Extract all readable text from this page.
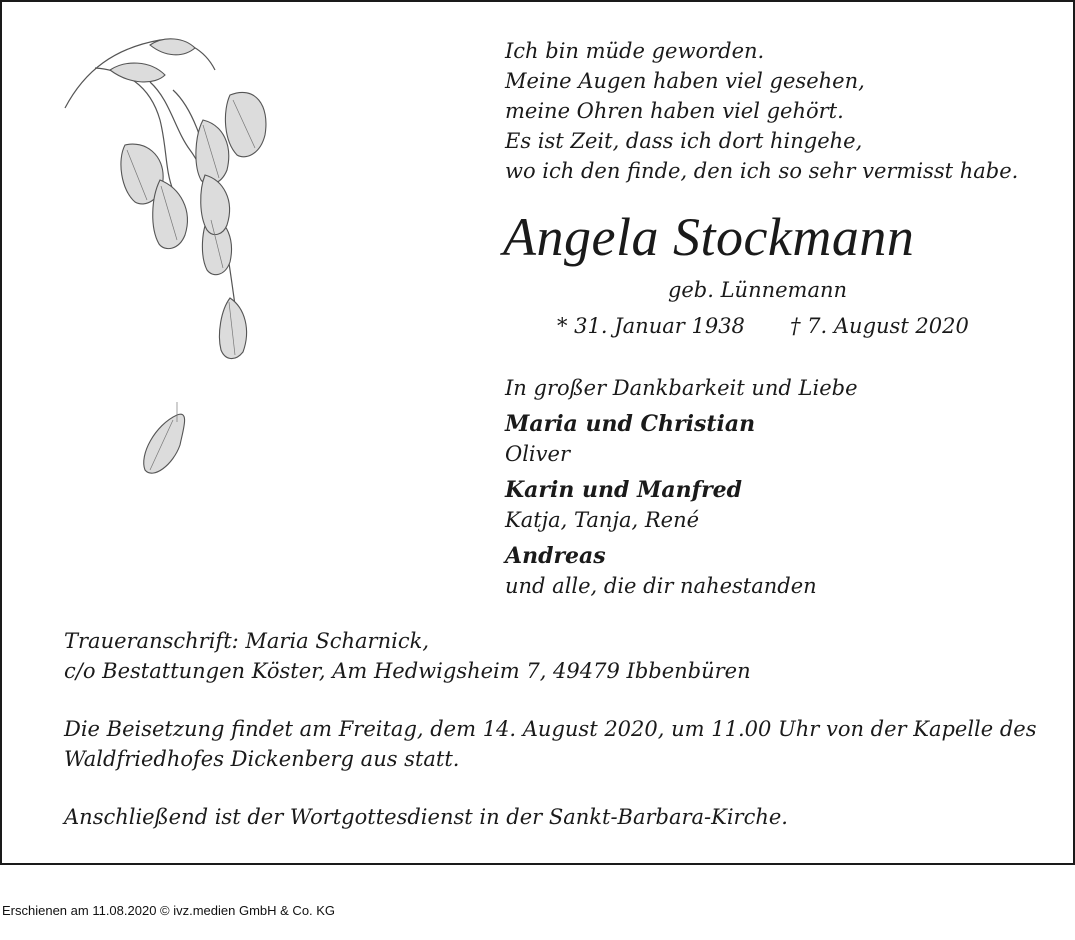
Ich bin müde geworden.
Meine Augen haben viel gesehen,
meine Ohren haben viel gehört.
Es ist Zeit, dass ich dort hingehe,
wo ich den finde, den ich so sehr vermisst habe.
Angela Stockmann
geb. Lünnemann
* 31. Januar 1938 † 7. August 2020
In großer Dankbarkeit und Liebe
Maria und Christian
Oliver
Karin und Manfred
Katja, Tanja, René
Andreas
und alle, die dir nahestanden
Traueranschrift: Maria Scharnick,
c/o Bestattungen Köster, Am Hedwigsheim 7, 49479 Ibbenbüren
Die Beisetzung findet am Freitag, dem 14. August 2020, um 11.00 Uhr von der Kapelle des
Waldfriedhofes Dickenberg aus statt.
Anschließend ist der Wortgottesdienst in der Sankt-Barbara-Kirche.
Erschienen am 11.08.2020 © ivz.medien GmbH & Co. KG
